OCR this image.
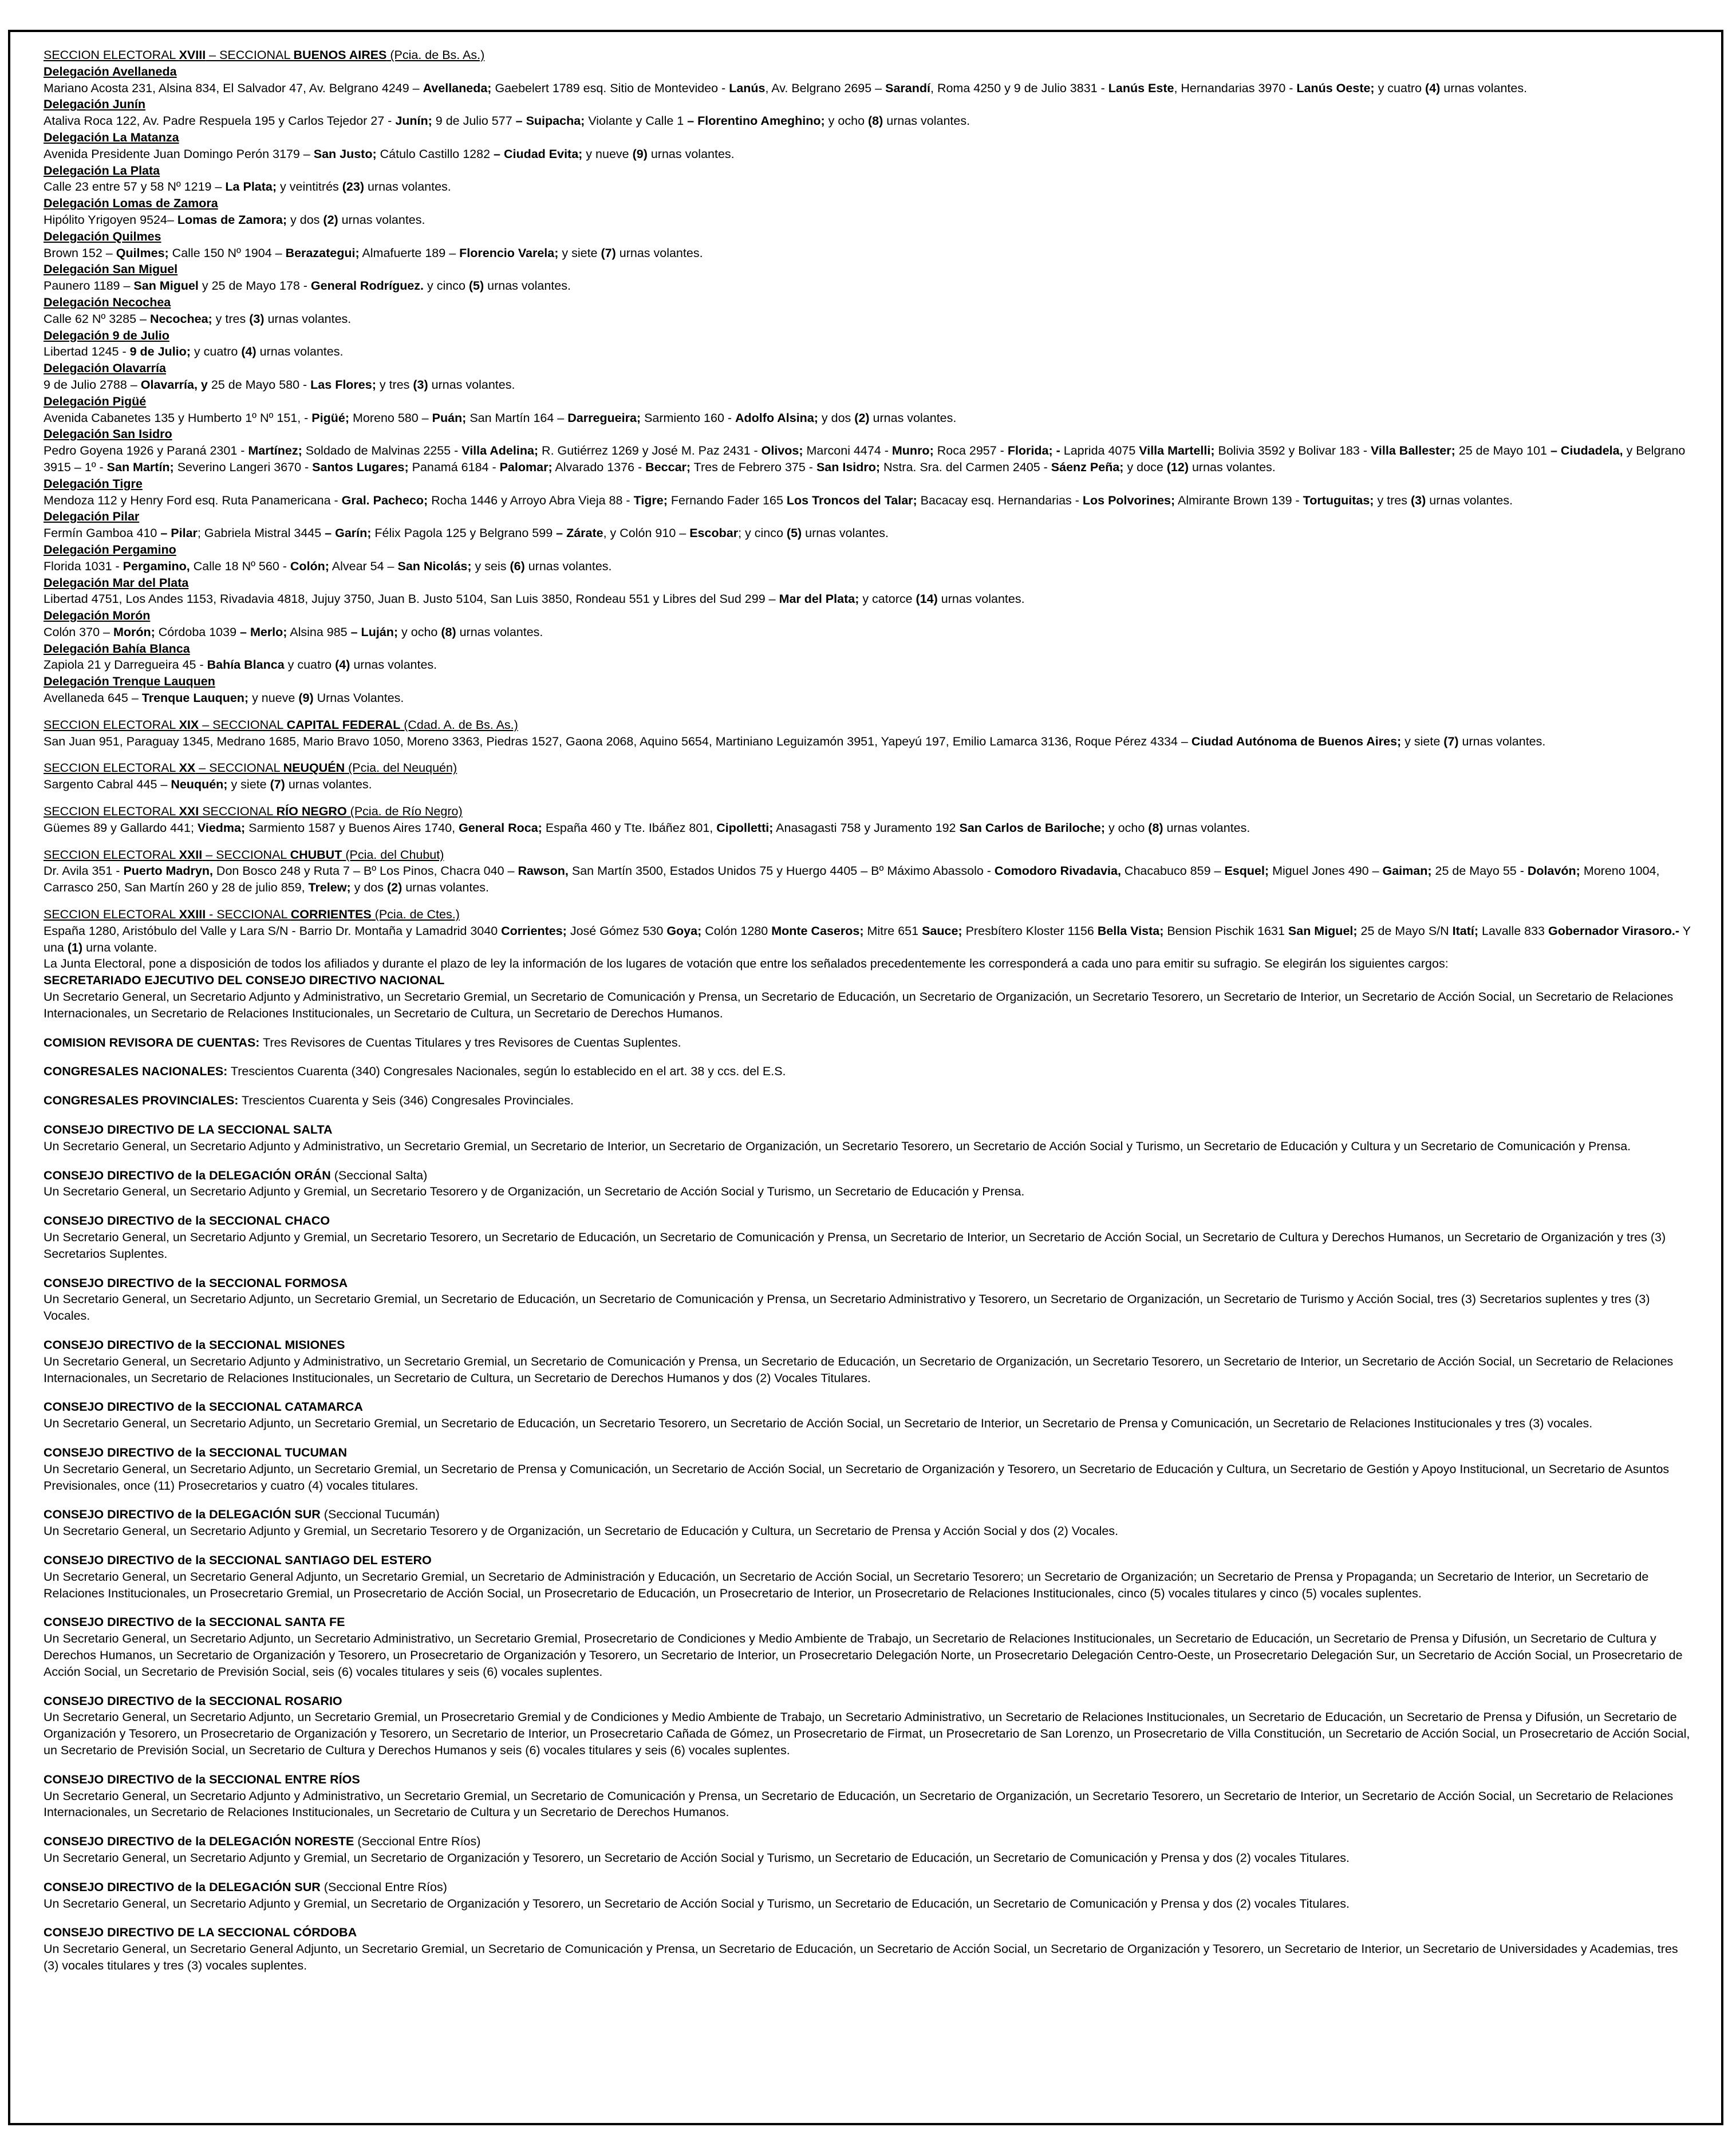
SECCION ELECTORAL XVIII – SECCIONAL BUENOS AIRES (Pcia. de Bs. As.)

Delegación Avellaneda

Mariano Acosta 231, Alsina 834, El Salvador 47, Av. Belgrano 4249 – Avellaneda; Gaebelert 1789 esq. Sitio de Montevideo - Lanús, Av. Belgrano 2695 – Sarandí, Roma 4250 y 9 de Julio 3831 - Lanús Este, Hernandarias 3970 - Lanús Oeste; y cuatro (4) urnas volantes.

Delegación Junín

Ataliva Roca 122, Av. Padre Respuela 195 y Carlos Tejedor 27 - Junín; 9 de Julio 577 – Suipacha; Violante y Calle 1 – Florentino Ameghino; y ocho (8) urnas volantes.

Delegación La Matanza

Avenida Presidente Juan Domingo Perón 3179 – San Justo; Cátulo Castillo 1282 – Ciudad Evita; y nueve (9) urnas volantes.

Delegación La Plata

Calle 23 entre 57 y 58 Nº 1219 – La Plata; y veintitrés (23) urnas volantes.

Delegación Lomas de Zamora

Hipólito Yrigoyen 9524– Lomas de Zamora; y dos (2) urnas volantes.

Delegación Quilmes

Brown 152 – Quilmes; Calle 150 Nº 1904 – Berazategui; Almafuerte 189 – Florencio Varela; y siete (7) urnas volantes.

Delegación San Miguel

Paunero 1189 – San Miguel y 25 de Mayo 178 - General Rodríguez. y cinco (5) urnas volantes.

Delegación Necochea

Calle 62 Nº 3285 – Necochea; y tres (3) urnas volantes.

Delegación 9 de Julio

Libertad 1245 - 9 de Julio; y cuatro (4) urnas volantes.

Delegación Olavarría

9 de Julio 2788 – Olavarría, y 25 de Mayo 580 - Las Flores; y tres (3) urnas volantes.

Delegación Pigüé

Avenida Cabanetes 135 y Humberto 1º Nº 151, - Pigüé; Moreno 580 – Puán; San Martín 164 – Darregueira; Sarmiento 160 - Adolfo Alsina; y dos (2) urnas volantes.

Delegación San Isidro

Pedro Goyena 1926 y Paraná 2301 - Martínez; Soldado de Malvinas 2255 - Villa Adelina; R. Gutiérrez 1269 y José M. Paz 2431 - Olivos; Marconi 4474 - Munro; Roca 2957 - Florida; - Laprida 4075 Villa Martelli; Bolivia 3592 y Bolivar 183 - Villa Ballester; 25 de Mayo 101 – Ciudadela, y Belgrano 3915 – 1º - San Martín; Severino Langeri 3670 - Santos Lugares; Panamá 6184 - Palomar; Alvarado 1376 - Beccar; Tres de Febrero 375 - San Isidro; Nstra. Sra. del Carmen 2405 - Sáenz Peña; y doce (12) urnas volantes.

Delegación Tigre

Mendoza 112 y Henry Ford esq. Ruta Panamericana - Gral. Pacheco; Rocha 1446 y Arroyo Abra Vieja 88 - Tigre; Fernando Fader 165 Los Troncos del Talar; Bacacay esq. Hernandarias - Los Polvorines; Almirante Brown 139 - Tortuguitas; y tres (3) urnas volantes.

Delegación Pilar

Fermín Gamboa 410 – Pilar; Gabriela Mistral 3445 – Garín; Félix Pagola 125 y Belgrano 599 – Zárate, y Colón 910 – Escobar; y cinco (5) urnas volantes.

Delegación Pergamino

Florida 1031 - Pergamino, Calle 18 Nº 560 - Colón; Alvear 54 – San Nicolás; y seis (6) urnas volantes.

Delegación Mar del Plata

Libertad 4751, Los Andes 1153, Rivadavia 4818, Jujuy 3750, Juan B. Justo 5104, San Luis 3850, Rondeau 551 y Libres del Sud 299 – Mar del Plata; y catorce (14) urnas volantes.

Delegación Morón

Colón 370 – Morón; Córdoba 1039 – Merlo; Alsina 985 – Luján; y ocho (8) urnas volantes.

Delegación Bahía Blanca

Zapiola 21 y Darregueira 45 - Bahía Blanca y cuatro (4) urnas volantes.

Delegación Trenque Lauquen

Avellaneda 645 – Trenque Lauquen; y nueve (9) Urnas Volantes.

SECCION ELECTORAL XIX – SECCIONAL CAPITAL FEDERAL (Cdad. A. de Bs. As.)

San Juan 951, Paraguay 1345, Medrano 1685, Mario Bravo 1050, Moreno 3363, Piedras 1527, Gaona 2068, Aquino 5654, Martiniano Leguizamón 3951, Yapeyú 197, Emilio Lamarca 3136, Roque Pérez 4334 – Ciudad Autónoma de Buenos Aires; y siete (7) urnas volantes.

SECCION ELECTORAL XX – SECCIONAL NEUQUÉN (Pcia. del Neuquén)

Sargento Cabral 445 – Neuquén; y siete (7) urnas volantes.

SECCION ELECTORAL XXI SECCIONAL RÍO NEGRO (Pcia. de Río Negro)

Güemes 89 y Gallardo 441; Viedma; Sarmiento 1587 y Buenos Aires 1740, General Roca; España 460 y Tte. Ibáñez 801, Cipolletti; Anasagasti 758 y Juramento 192 San Carlos de Bariloche; y ocho (8) urnas volantes.

SECCION ELECTORAL XXII – SECCIONAL CHUBUT (Pcia. del Chubut)

Dr. Avila 351 - Puerto Madryn, Don Bosco 248 y Ruta 7 – Bº Los Pinos, Chacra 040 – Rawson, San Martín 3500, Estados Unidos 75 y Huergo 4405 – Bº Máximo Abassolo - Comodoro Rivadavia, Chacabuco 859 – Esquel; Miguel Jones 490 – Gaiman; 25 de Mayo 55 - Dolavón; Moreno 1004, Carrasco 250, San Martín 260 y 28 de julio 859, Trelew; y dos (2) urnas volantes.

SECCION ELECTORAL XXIII - SECCIONAL CORRIENTES (Pcia. de Ctes.)

España 1280, Aristóbulo del Valle y Lara S/N - Barrio Dr. Montaña y Lamadrid 3040 Corrientes; José Gómez 530 Goya; Colón 1280 Monte Caseros; Mitre 651 Sauce; Presbítero Kloster 1156 Bella Vista; Bension Pischik 1631 San Miguel; 25 de Mayo S/N Itatí; Lavalle 833 Gobernador Virasoro.- Y una (1) urna volante.

La Junta Electoral, pone a disposición de todos los afiliados y durante el plazo de ley la información de los lugares de votación que entre los señalados precedentemente les corresponderá a cada uno para emitir su sufragio. Se elegirán los siguientes cargos:

SECRETARIADO EJECUTIVO DEL CONSEJO DIRECTIVO NACIONAL

Un Secretario General, un Secretario Adjunto y Administrativo, un Secretario Gremial, un Secretario de Comunicación y Prensa, un Secretario de Educación, un Secretario de Organización, un Secretario Tesorero, un Secretario de Interior, un Secretario de Acción Social, un Secretario de Relaciones Internacionales, un Secretario de Relaciones Institucionales, un Secretario de Cultura, un Secretario de Derechos Humanos.

COMISION REVISORA DE CUENTAS: Tres Revisores de Cuentas Titulares y tres Revisores de Cuentas Suplentes.

CONGRESALES NACIONALES: Trescientos Cuarenta (340) Congresales Nacionales, según lo establecido en el art. 38 y ccs. del E.S.

CONGRESALES PROVINCIALES: Trescientos Cuarenta y Seis (346) Congresales Provinciales.

CONSEJO DIRECTIVO DE LA SECCIONAL SALTA

Un Secretario General, un Secretario Adjunto y Administrativo, un Secretario Gremial, un Secretario de Interior, un Secretario de Organización, un Secretario Tesorero, un Secretario de Acción Social y Turismo, un Secretario de Educación y Cultura y un Secretario de Comunicación y Prensa.

CONSEJO DIRECTIVO de la DELEGACIÓN ORÁN (Seccional Salta)

Un Secretario General, un Secretario Adjunto y Gremial, un Secretario Tesorero y de Organización, un Secretario de Acción Social y Turismo, un Secretario de Educación y Prensa.

CONSEJO DIRECTIVO de la SECCIONAL CHACO

Un Secretario General, un Secretario Adjunto y Gremial, un Secretario Tesorero, un Secretario de Educación, un Secretario de Comunicación y Prensa, un Secretario de Interior, un Secretario de Acción Social, un Secretario de Cultura y Derechos Humanos, un Secretario de Organización y tres (3) Secretarios Suplentes.

CONSEJO DIRECTIVO de la SECCIONAL FORMOSA

Un Secretario General, un Secretario Adjunto, un Secretario Gremial, un Secretario de Educación, un Secretario de Comunicación y Prensa, un Secretario Administrativo y Tesorero, un Secretario de Organización, un Secretario de Turismo y Acción Social, tres (3) Secretarios suplentes y tres (3) Vocales.

CONSEJO DIRECTIVO de la SECCIONAL MISIONES

Un Secretario General, un Secretario Adjunto y Administrativo, un Secretario Gremial, un Secretario de Comunicación y Prensa, un Secretario de Educación, un Secretario de Organización, un Secretario Tesorero, un Secretario de Interior, un Secretario de Acción Social, un Secretario de Relaciones Internacionales, un Secretario de Relaciones Institucionales, un Secretario de Cultura, un Secretario de Derechos Humanos y dos (2) Vocales Titulares.

CONSEJO DIRECTIVO de la SECCIONAL CATAMARCA

Un Secretario General, un Secretario Adjunto, un Secretario Gremial, un Secretario de Educación, un Secretario Tesorero, un Secretario de Acción Social, un Secretario de Interior, un Secretario de Prensa y Comunicación, un Secretario de Relaciones Institucionales y tres (3) vocales.

CONSEJO DIRECTIVO de la SECCIONAL TUCUMAN

Un Secretario General, un Secretario Adjunto, un Secretario Gremial, un Secretario de Prensa y Comunicación, un Secretario de Acción Social, un Secretario de Organización y Tesorero, un Secretario de Educación y Cultura, un Secretario de Gestión y Apoyo Institucional, un Secretario de Asuntos Previsionales, once (11) Prosecretarios y cuatro (4) vocales titulares.

CONSEJO DIRECTIVO de la DELEGACIÓN SUR (Seccional Tucumán)

Un Secretario General, un Secretario Adjunto y Gremial, un Secretario Tesorero y de Organización, un Secretario de Educación y Cultura, un Secretario de Prensa y Acción Social y dos (2) Vocales.

CONSEJO DIRECTIVO de la SECCIONAL SANTIAGO DEL ESTERO

Un Secretario General, un Secretario General Adjunto, un Secretario Gremial, un Secretario de Administración y Educación, un Secretario de Acción Social, un Secretario Tesorero; un Secretario de Organización; un Secretario de Prensa y Propaganda; un Secretario de Interior, un Secretario de Relaciones Institucionales, un Prosecretario Gremial, un Prosecretario de Acción Social, un Prosecretario de Educación, un Prosecretario de Interior, un Prosecretario de Relaciones Institucionales, cinco (5) vocales titulares y cinco (5) vocales suplentes.

CONSEJO DIRECTIVO de la SECCIONAL SANTA FE

Un Secretario General, un Secretario Adjunto, un Secretario Administrativo, un Secretario Gremial, Prosecretario de Condiciones y Medio Ambiente de Trabajo, un Secretario de Relaciones Institucionales, un Secretario de Educación, un Secretario de Prensa y Difusión, un Secretario de Cultura y Derechos Humanos, un Secretario de Organización y Tesorero, un Prosecretario de Organización y Tesorero, un Secretario de Interior, un Prosecretario Delegación Norte, un Prosecretario Delegación Centro-Oeste, un Prosecretario Delegación Sur, un Secretario de Acción Social, un Prosecretario de Acción Social, un Secretario de Previsión Social, seis (6) vocales titulares y seis (6) vocales suplentes.

CONSEJO DIRECTIVO de la SECCIONAL ROSARIO

Un Secretario General, un Secretario Adjunto, un Secretario Gremial, un Prosecretario Gremial y de Condiciones y Medio Ambiente de Trabajo, un Secretario Administrativo, un Secretario de Relaciones Institucionales, un Secretario de Educación, un Secretario de Prensa y Difusión, un Secretario de Organización y Tesorero, un Prosecretario de Organización y Tesorero, un Secretario de Interior, un Prosecretario Cañada de Gómez, un Prosecretario de Firmat, un Prosecretario de San Lorenzo, un Prosecretario de Villa Constitución, un Secretario de Acción Social, un Prosecretario de Acción Social, un Secretario de Previsión Social, un Secretario de Cultura y Derechos Humanos y seis (6) vocales titulares y seis (6) vocales suplentes.

CONSEJO DIRECTIVO de la SECCIONAL ENTRE RÍOS

Un Secretario General, un Secretario Adjunto y Administrativo, un Secretario Gremial, un Secretario de Comunicación y Prensa, un Secretario de Educación, un Secretario de Organización, un Secretario Tesorero, un Secretario de Interior, un Secretario de Acción Social, un Secretario de Relaciones Internacionales, un Secretario de Relaciones Institucionales, un Secretario de Cultura y un Secretario de Derechos Humanos.

CONSEJO DIRECTIVO de la DELEGACIÓN NORESTE (Seccional Entre Ríos)

Un Secretario General, un Secretario Adjunto y Gremial, un Secretario de Organización y Tesorero, un Secretario de Acción Social y Turismo, un Secretario de Educación, un Secretario de Comunicación y Prensa y dos (2) vocales Titulares.

CONSEJO DIRECTIVO de la DELEGACIÓN SUR (Seccional Entre Ríos)

Un Secretario General, un Secretario Adjunto y Gremial, un Secretario de Organización y Tesorero, un Secretario de Acción Social y Turismo, un Secretario de Educación, un Secretario de Comunicación y Prensa y dos (2) vocales Titulares.

CONSEJO DIRECTIVO DE LA SECCIONAL CÓRDOBA

Un Secretario General, un Secretario General Adjunto, un Secretario Gremial, un Secretario de Comunicación y Prensa, un Secretario de Educación, un Secretario de Acción Social, un Secretario de Organización y Tesorero, un Secretario de Interior, un Secretario de Universidades y Academias, tres (3) vocales titulares y tres (3) vocales suplentes.
